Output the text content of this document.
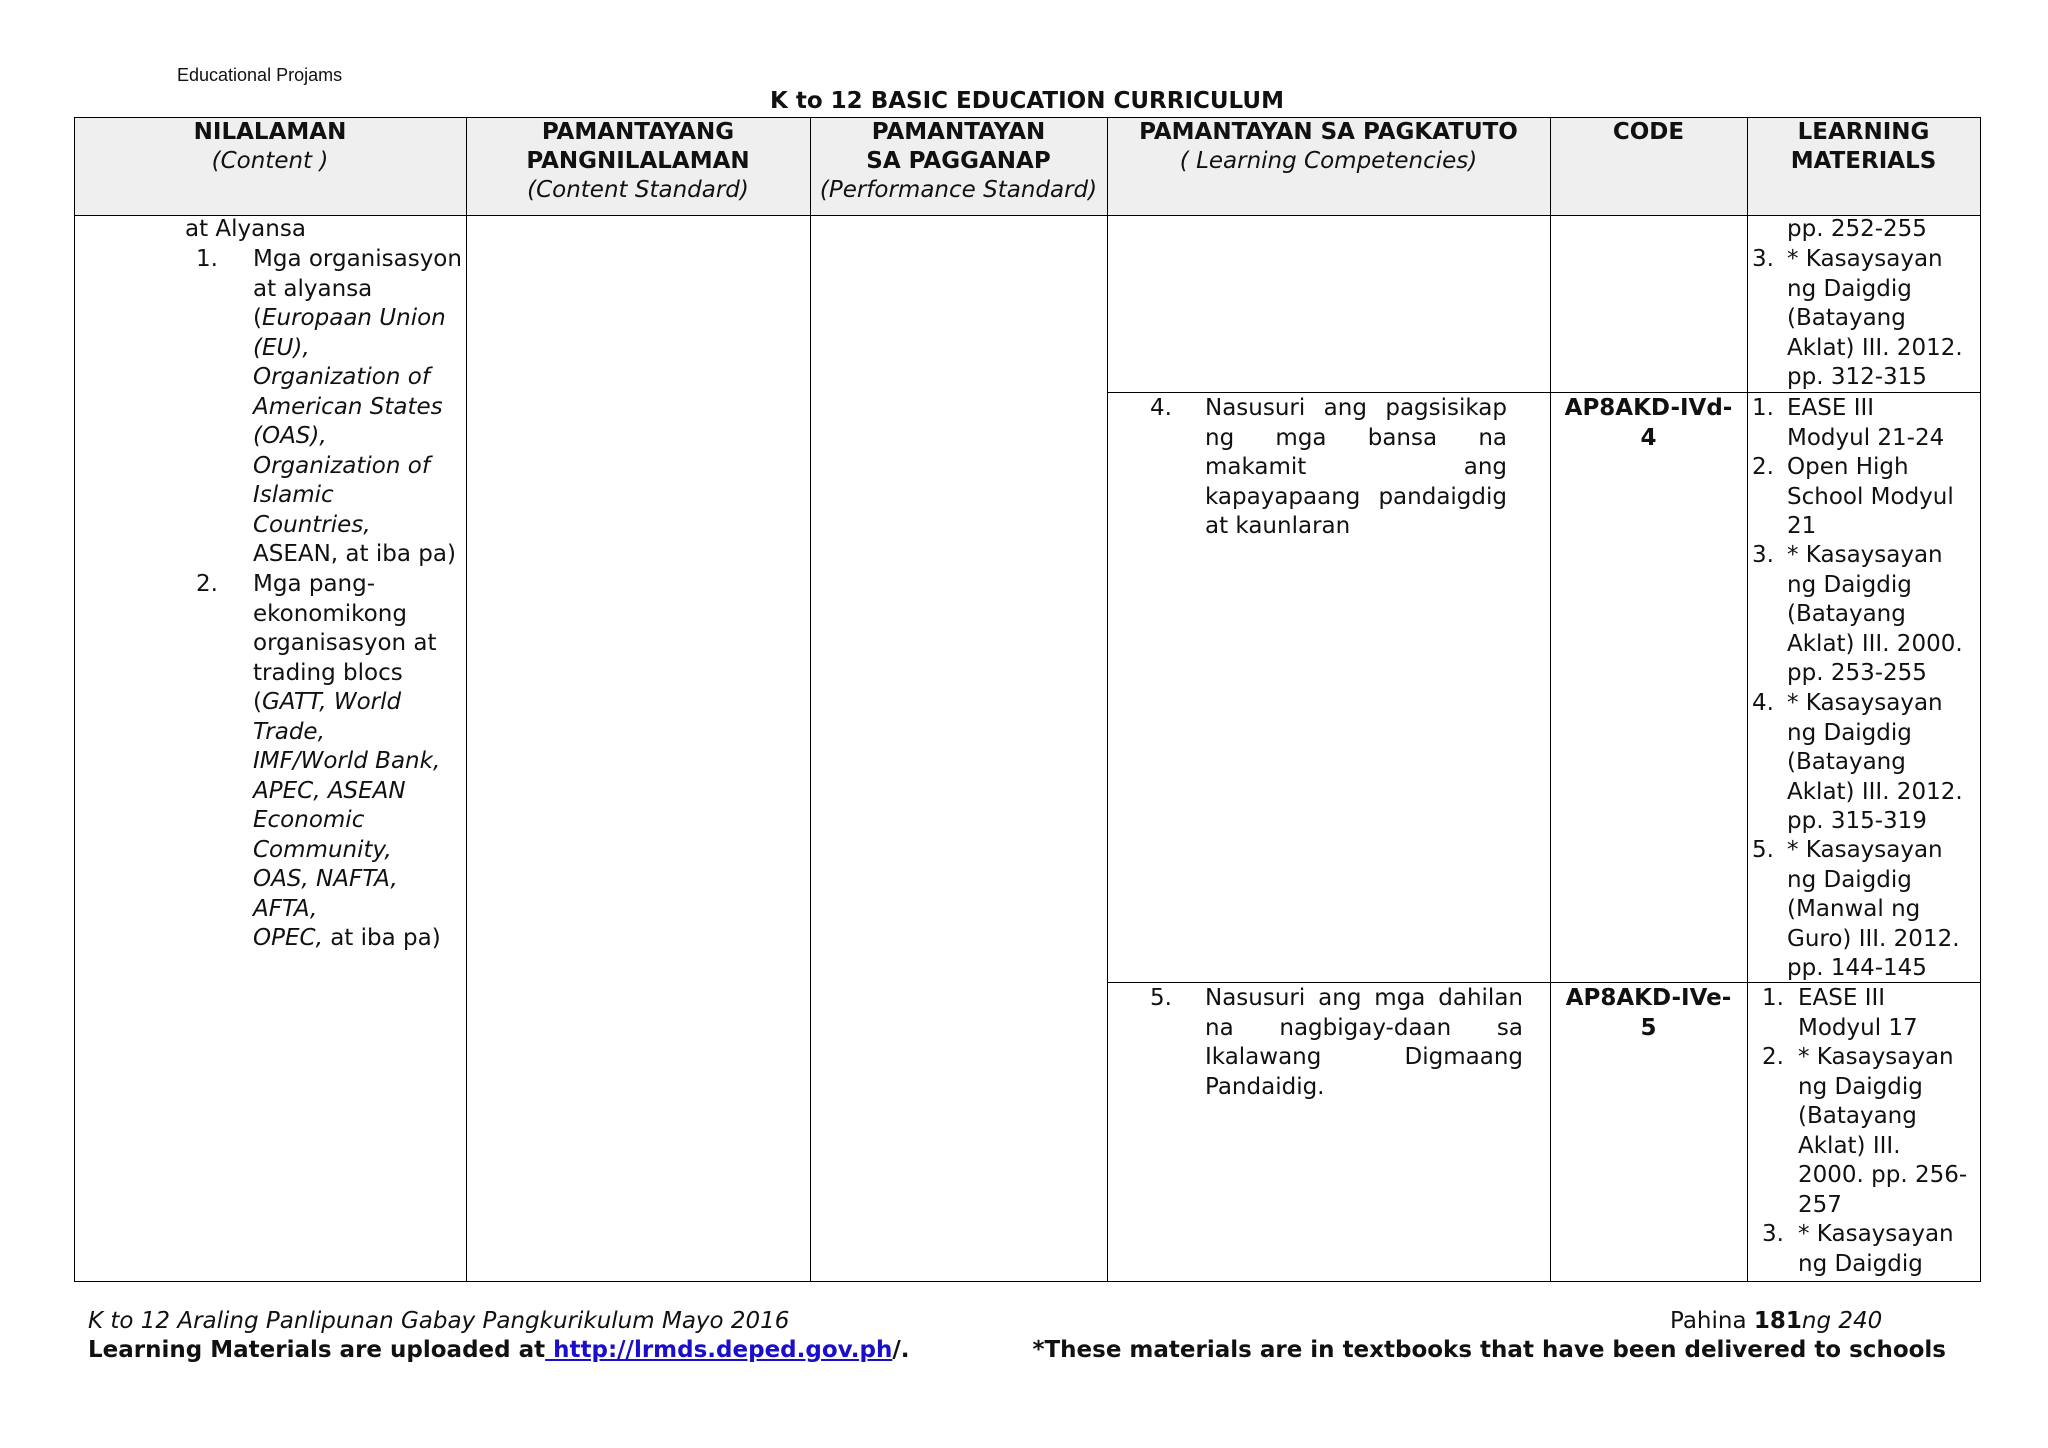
Educational Projams
K to 12 BASIC EDUCATION CURRICULUM
NILALAMAN
(Content )
PAMANTAYANG
PANGNILALAMAN
(Content Standard)
PAMANTAYAN
SA PAGGANAP
(Performance Standard)
PAMANTAYAN SA PAGKATUTO
( Learning Competencies)
CODE	LEARNING
MATERIALS
at Alyansa
1. Mga organisasyon
at alyansa
(Europaan Union
(EU),
Organization of
American States
(OAS),
Organization of
Islamic
Countries,
ASEAN, at iba pa)
2. Mga pang-
ekonomikong
organisasyon at
trading blocs
(GATT, World
Trade,
IMF/World Bank,
APEC, ASEAN
Economic
Community,
OAS, NAFTA,
AFTA,
OPEC, at iba pa)
pp. 252-255
3. * Kasaysayan
ng Daigdig
(Batayang
Aklat) III. 2012.
pp. 312-315
4. Nasusuri ang pagsisikap ng mga bansa na makamit ang kapayapaang pandaigdig at kaunlaran
AP8AKD-IVd-
4
1. EASE III
Modyul 21-24
2. Open High
School Modyul
21
3. * Kasaysayan
ng Daigdig
(Batayang
Aklat) III. 2000.
pp. 253-255
4. * Kasaysayan
ng Daigdig
(Batayang
Aklat) III. 2012.
pp. 315-319
5. * Kasaysayan
ng Daigdig
(Manwal ng
Guro) III. 2012.
pp. 144-145
5. Nasusuri ang mga dahilan na nagbigay-daan sa Ikalawang Digmaang Pandaidig.
AP8AKD-IVe-
5
1. EASE III
Modyul 17
2. * Kasaysayan
ng Daigdig
(Batayang
Aklat) III.
2000. pp. 256-
257
3. * Kasaysayan
ng Daigdig
K to 12 Araling Panlipunan Gabay Pangkurikulum Mayo 2016
Learning Materials are uploaded at http://lrmds.deped.gov.ph/.
Pahina 181ng 240
*These materials are in textbooks that have been delivered to schools
